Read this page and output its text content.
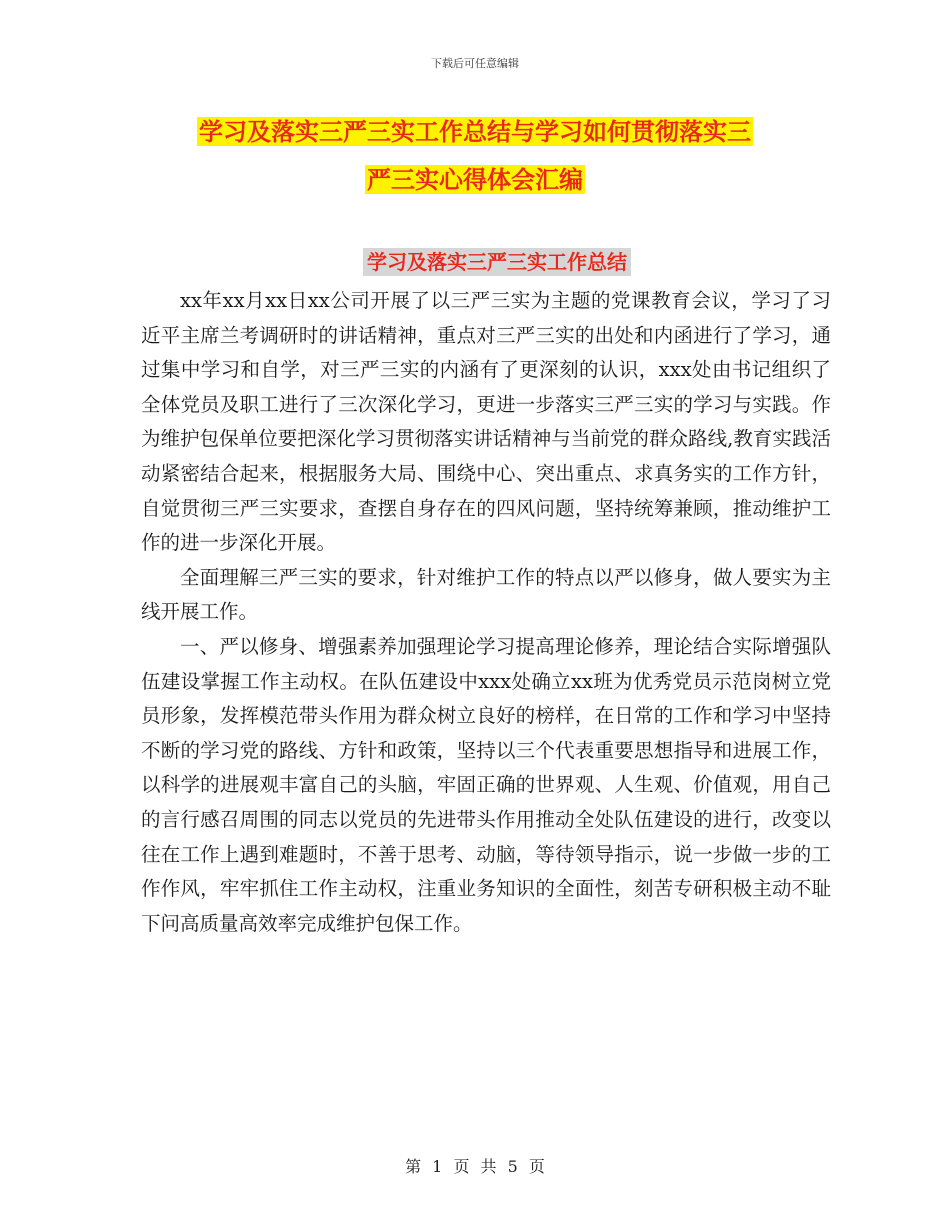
下载后可任意编辑
学习及落实三严三实工作总结与学习如何贯彻落实三
严三实心得体会汇编
学习及落实三严三实工作总结

xx年xx月xx日xx公司开展了以三严三实为主题的党课教育会议，学习了习近平主席兰考调研时的讲话精神，重点对三严三实的出处和内函进行了学习，通过集中学习和自学，对三严三实的内涵有了更深刻的认识，xxx处由书记组织了全体党员及职工进行了三次深化学习，更进一步落实三严三实的学习与实践。作为维护包保单位要把深化学习贯彻落实讲话精神与当前党的群众路线,教育实践活动紧密结合起来，根据服务大局、围绕中心、突出重点、求真务实的工作方针，自觉贯彻三严三实要求，查摆自身存在的四风问题，坚持统筹兼顾，推动维护工作的进一步深化开展。

全面理解三严三实的要求，针对维护工作的特点以严以修身，做人要实为主线开展工作。

一、严以修身、增强素养加强理论学习提高理论修养，理论结合实际增强队伍建设掌握工作主动权。在队伍建设中xxx处确立xx班为优秀党员示范岗树立党员形象，发挥模范带头作用为群众树立良好的榜样，在日常的工作和学习中坚持不断的学习党的路线、方针和政策，坚持以三个代表重要思想指导和进展工作，以科学的进展观丰富自己的头脑，牢固正确的世界观、人生观、价值观，用自己的言行感召周围的同志以党员的先进带头作用推动全处队伍建设的进行，改变以往在工作上遇到难题时，不善于思考、动脑，等待领导指示，说一步做一步的工作作风，牢牢抓住工作主动权，注重业务知识的全面性，刻苦专研积极主动不耻下问高质量高效率完成维护包保工作。

第 1 页 共 5 页
